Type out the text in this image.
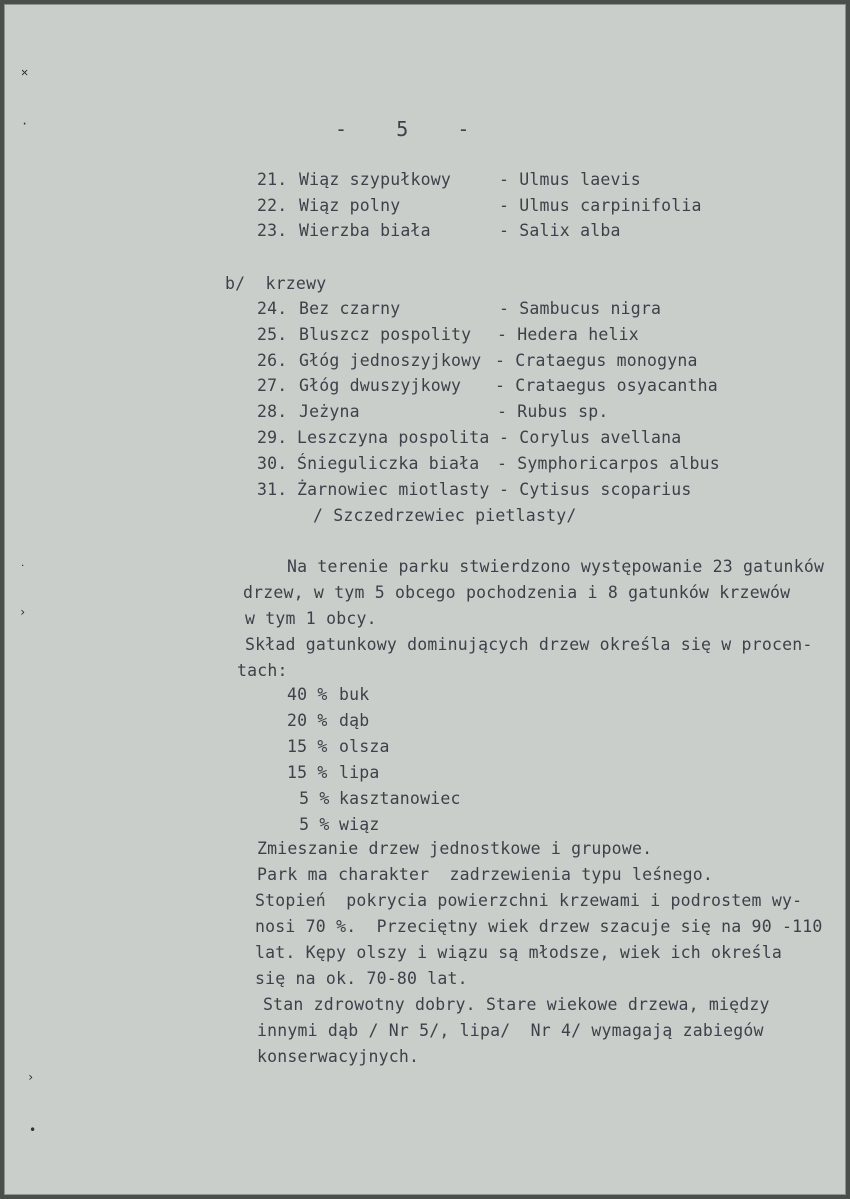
-    5    -
21. Wiąz szypułkowy	- Ulmus laevis
22. Wiąz polny	- Ulmus carpinifolia
23. Wierzba biała	- Salix alba
b/  krzewy
24. Bez czarny	- Sambucus nigra
25. Bluszcz pospolity - Hedera helix
26. Głóg jednoszyjkowy - Crataegus monogyna
27. Głóg dwuszyjkowy - Crataegus osyacantha
28. Jeżyna	- Rubus sp.
29. Leszczyna pospolita - Corylus avellana
30. Śnieguliczka biała - Symphoricarpos albus
31. Żarnowiec miotlasty - Cytisus scoparius
/ Szczedrzewiec pietlasty/
Na terenie parku stwierdzono występowanie 23 gatunków
drzew, w tym 5 obcego pochodzenia i 8 gatunków krzewów
w tym 1 obcy.
Skład gatunkowy dominujących drzew określa się w procen-
tach:
40 % buk
20 % dąb
15 % olsza
15 % lipa
5 % kasztanowiec
5 % wiąz
Zmieszanie drzew jednostkowe i grupowe.
Park ma charakter  zadrzewienia typu leśnego.
Stopień  pokrycia powierzchni krzewami i podrostem wy-
nosi 70 %.  Przeciętny wiek drzew szacuje się na 90 -110
lat. Kępy olszy i wiązu są młodsze, wiek ich określa
się na ok. 70-80 lat.
Stan zdrowotny dobry. Stare wiekowe drzewa, między
innymi dąb / Nr 5/, lipa/  Nr 4/ wymagają zabiegów
konserwacyjnych.
✕
·
˙
›
›
•
